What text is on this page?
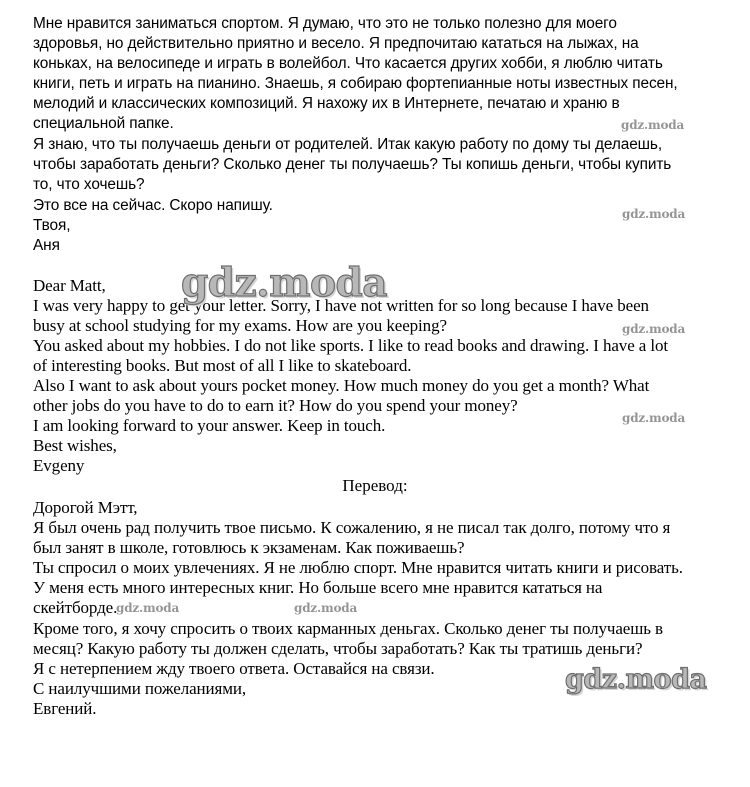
Мне нравится заниматься спортом. Я думаю, что это не только полезно для моего
здоровья, но действительно приятно и весело. Я предпочитаю кататься на лыжах, на
коньках, на велосипеде и играть в волейбол. Что касается других хобби, я люблю читать
книги, петь и играть на пианино. Знаешь, я собираю фортепианные ноты известных песен,
мелодий и классических композиций. Я нахожу их в Интернете, печатаю и храню в
специальной папке.
Я знаю, что ты получаешь деньги от родителей. Итак какую работу по дому ты делаешь,
чтобы заработать деньги? Сколько денег ты получаешь? Ты копишь деньги, чтобы купить
то, что хочешь?
Это все на сейчас. Скоро напишу.
Твоя,
Аня
Dear Matt,
I was very happy to get your letter. Sorry, I have not written for so long because I have been
busy at school studying for my exams. How are you keeping?
You asked about my hobbies. I do not like sports. I like to read books and drawing. I have a lot
of interesting books. But most of all I like to skateboard.
Also I want to ask about yours pocket money. How much money do you get a month? What
other jobs do you have to do to earn it? How do you spend your money?
I am looking forward to your answer. Keep in touch.
Best wishes,
Evgeny
Перевод:
Дорогой Мэтт,
Я был очень рад получить твое письмо. К сожалению, я не писал так долго, потому что я
был занят в школе, готовлюсь к экзаменам. Как поживаешь?
Ты спросил о моих увлечениях. Я не люблю спорт. Мне нравится читать книги и рисовать.
У меня есть много интересных книг. Но больше всего мне нравится кататься на
скейтборде.
Кроме того, я хочу спросить о твоих карманных деньгах. Сколько денег ты получаешь в
месяц? Какую работу ты должен сделать, чтобы заработать? Как ты тратишь деньги?
Я с нетерпением жду твоего ответа. Оставайся на связи.
С наилучшими пожеланиями,
Евгений.
gdz.moda
gdz.moda
gdz.moda
gdz.moda
gdz.moda	gdz.moda
gdz.moda
gdz.moda
